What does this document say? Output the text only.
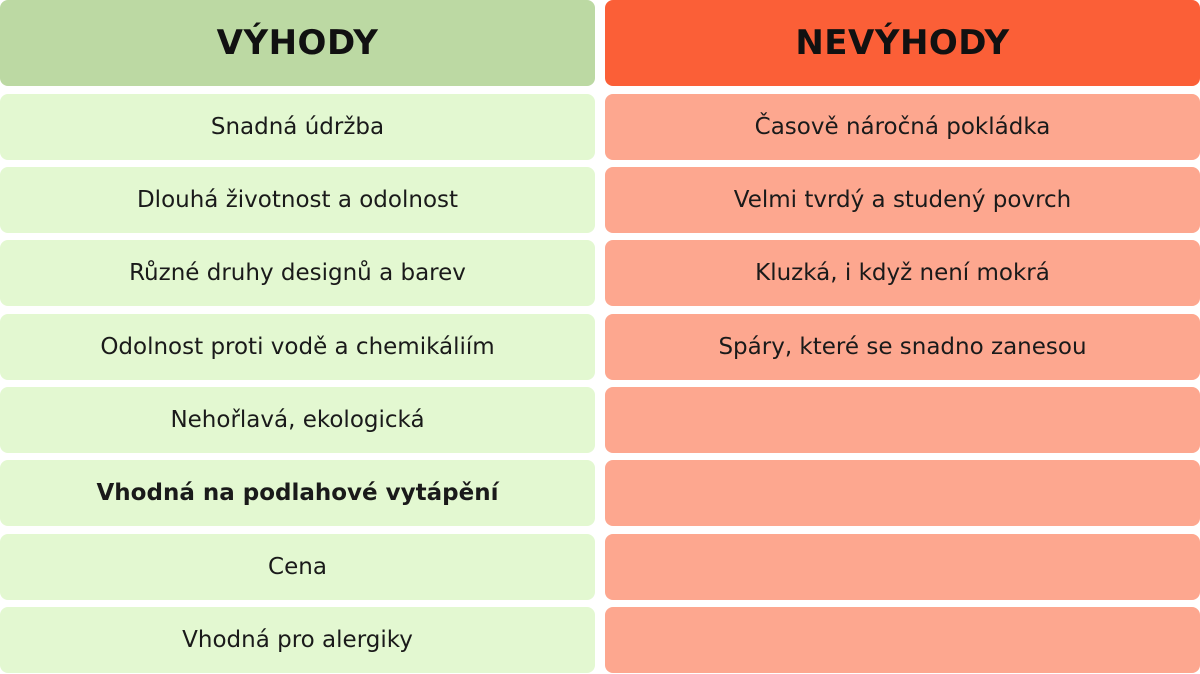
VÝHODY
Snadná údržba
Dlouhá životnost a odolnost
Různé druhy designů a barev
Odolnost proti vodě a chemikáliím
Nehořlavá, ekologická
Vhodná na podlahové vytápění
Cena
Vhodná pro alergiky
NEVÝHODY
Časově náročná pokládka
Velmi tvrdý a studený povrch
Kluzká, i když není mokrá
Spáry, které se snadno zanesou
